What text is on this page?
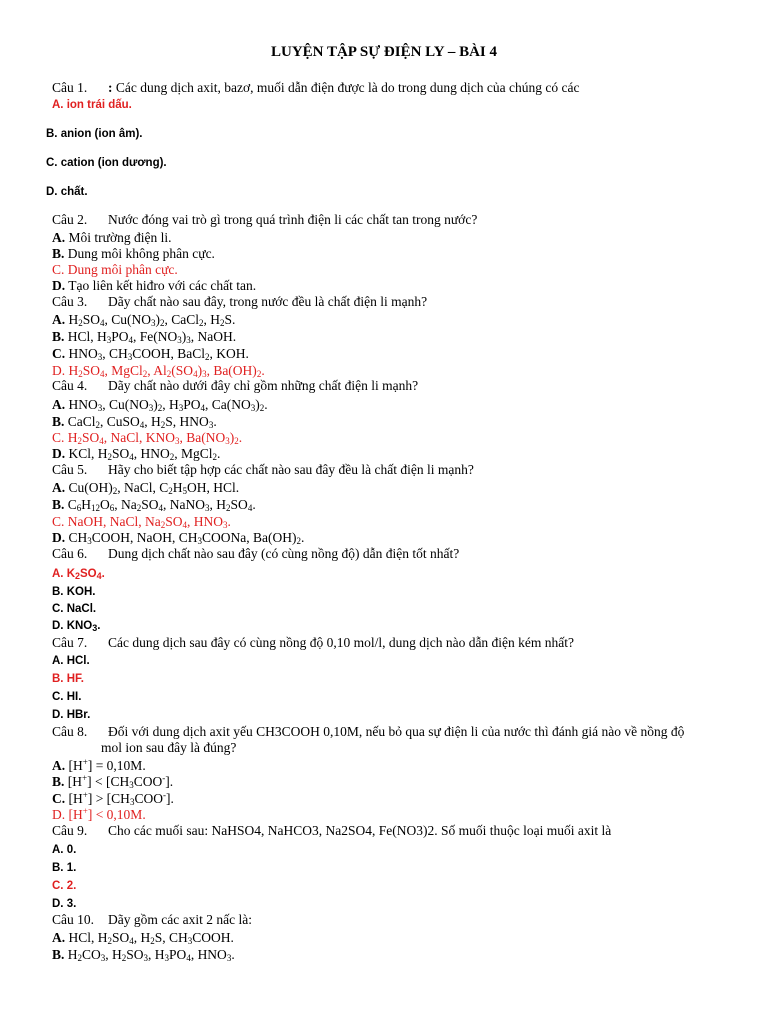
LUYỆN TẬP SỰ ĐIỆN LY – BÀI 4
Câu 1. : Các dung dịch axit, bazơ, muối dẫn điện được là do trong dung dịch của chúng có các
A. ion trái dấu.
B. anion (ion âm).
C. cation (ion dương).
D. chất.
Câu 2. Nước đóng vai trò gì trong quá trình điện li các chất tan trong nước?
A. Môi trường điện li.
B. Dung môi không phân cực.
C. Dung môi phân cực.
D. Tạo liên kết hiđro với các chất tan.
Câu 3. Dãy chất nào sau đây, trong nước đều là chất điện li mạnh?
A. $H_2SO_4$, $Cu(NO_3)_2$, CaCl$_2$, $H_2S$.
B. HCl, $H_3PO_4$, $Fe(NO_3)_3$, NaOH.
C. $HNO_3$, $CH_3COOH$, BaCl$_2$, KOH.
D. $H_2SO_4$, MgCl$_2$, $Al_2(SO_4)_3$, $Ba(OH)_2$.
Câu 4. Dãy chất nào dưới đây chỉ gồm những chất điện li mạnh?
A. $HNO_3$, $Cu(NO_3)_2$, $H_3PO_4$, $Ca(NO_3)_2$.
B. CaCl$_2$, CuSO$_4$, $H_2S$, $HNO_3$.
C. $H_2SO_4$, NaCl, $KNO_3$, $Ba(NO_3)_2$.
D. KCl, $H_2SO_4$, $HNO_2$, MgCl$_2$.
Câu 5. Hãy cho biết tập hợp các chất nào sau đây đều là chất điện li mạnh?
A. $Cu(OH)_2$, NaCl, $C_2H_5OH$, HCl.
B. $C_6H_{12}O_6$, $Na_2SO_4$, NaNO$_3$, $H_2SO_4$.
C. NaOH, NaCl, $Na_2SO_4$, $HNO_3$.
D. $CH_3COOH$, NaOH, $CH_3COONa$, $Ba(OH)_2$.
Câu 6. Dung dịch chất nào sau đây (có cùng nồng độ) dẫn điện tốt nhất?
A. $K_2SO_4$.
B. KOH.
C. NaCl.
D. $KNO_3$.
Câu 7. Các dung dịch sau đây có cùng nồng độ 0,10 mol/l, dung dịch nào dẫn điện kém nhất?
A. HCl.
B. HF.
C. HI.
D. HBr.
Câu 8. Đối với dung dịch axit yếu CH3COOH 0,10M, nếu bỏ qua sự điện li của nước thì đánh giá nào về nồng độ
mol ion sau đây là đúng?
A. [H+] = 0,10M.
B. $[H^+] < [CH_3COO^-]$.
C. $[H^+] > [CH_3COO^-]$.
D. [H+] < 0,10M.
Câu 9. Cho các muối sau: NaHSO4, NaHCO3, Na2SO4, Fe(NO3)2. Số muối thuộc loại muối axit là
A. 0.
B. 1.
C. 2.
D. 3.
Câu 10. Dãy gồm các axit 2 nấc là:
A. HCl, $H_2SO_4$, $H_2S$, $CH_3COOH$.
B. $H_2CO_3$, $H_2SO_3$, $H_3PO_4$, $HNO_3$.
